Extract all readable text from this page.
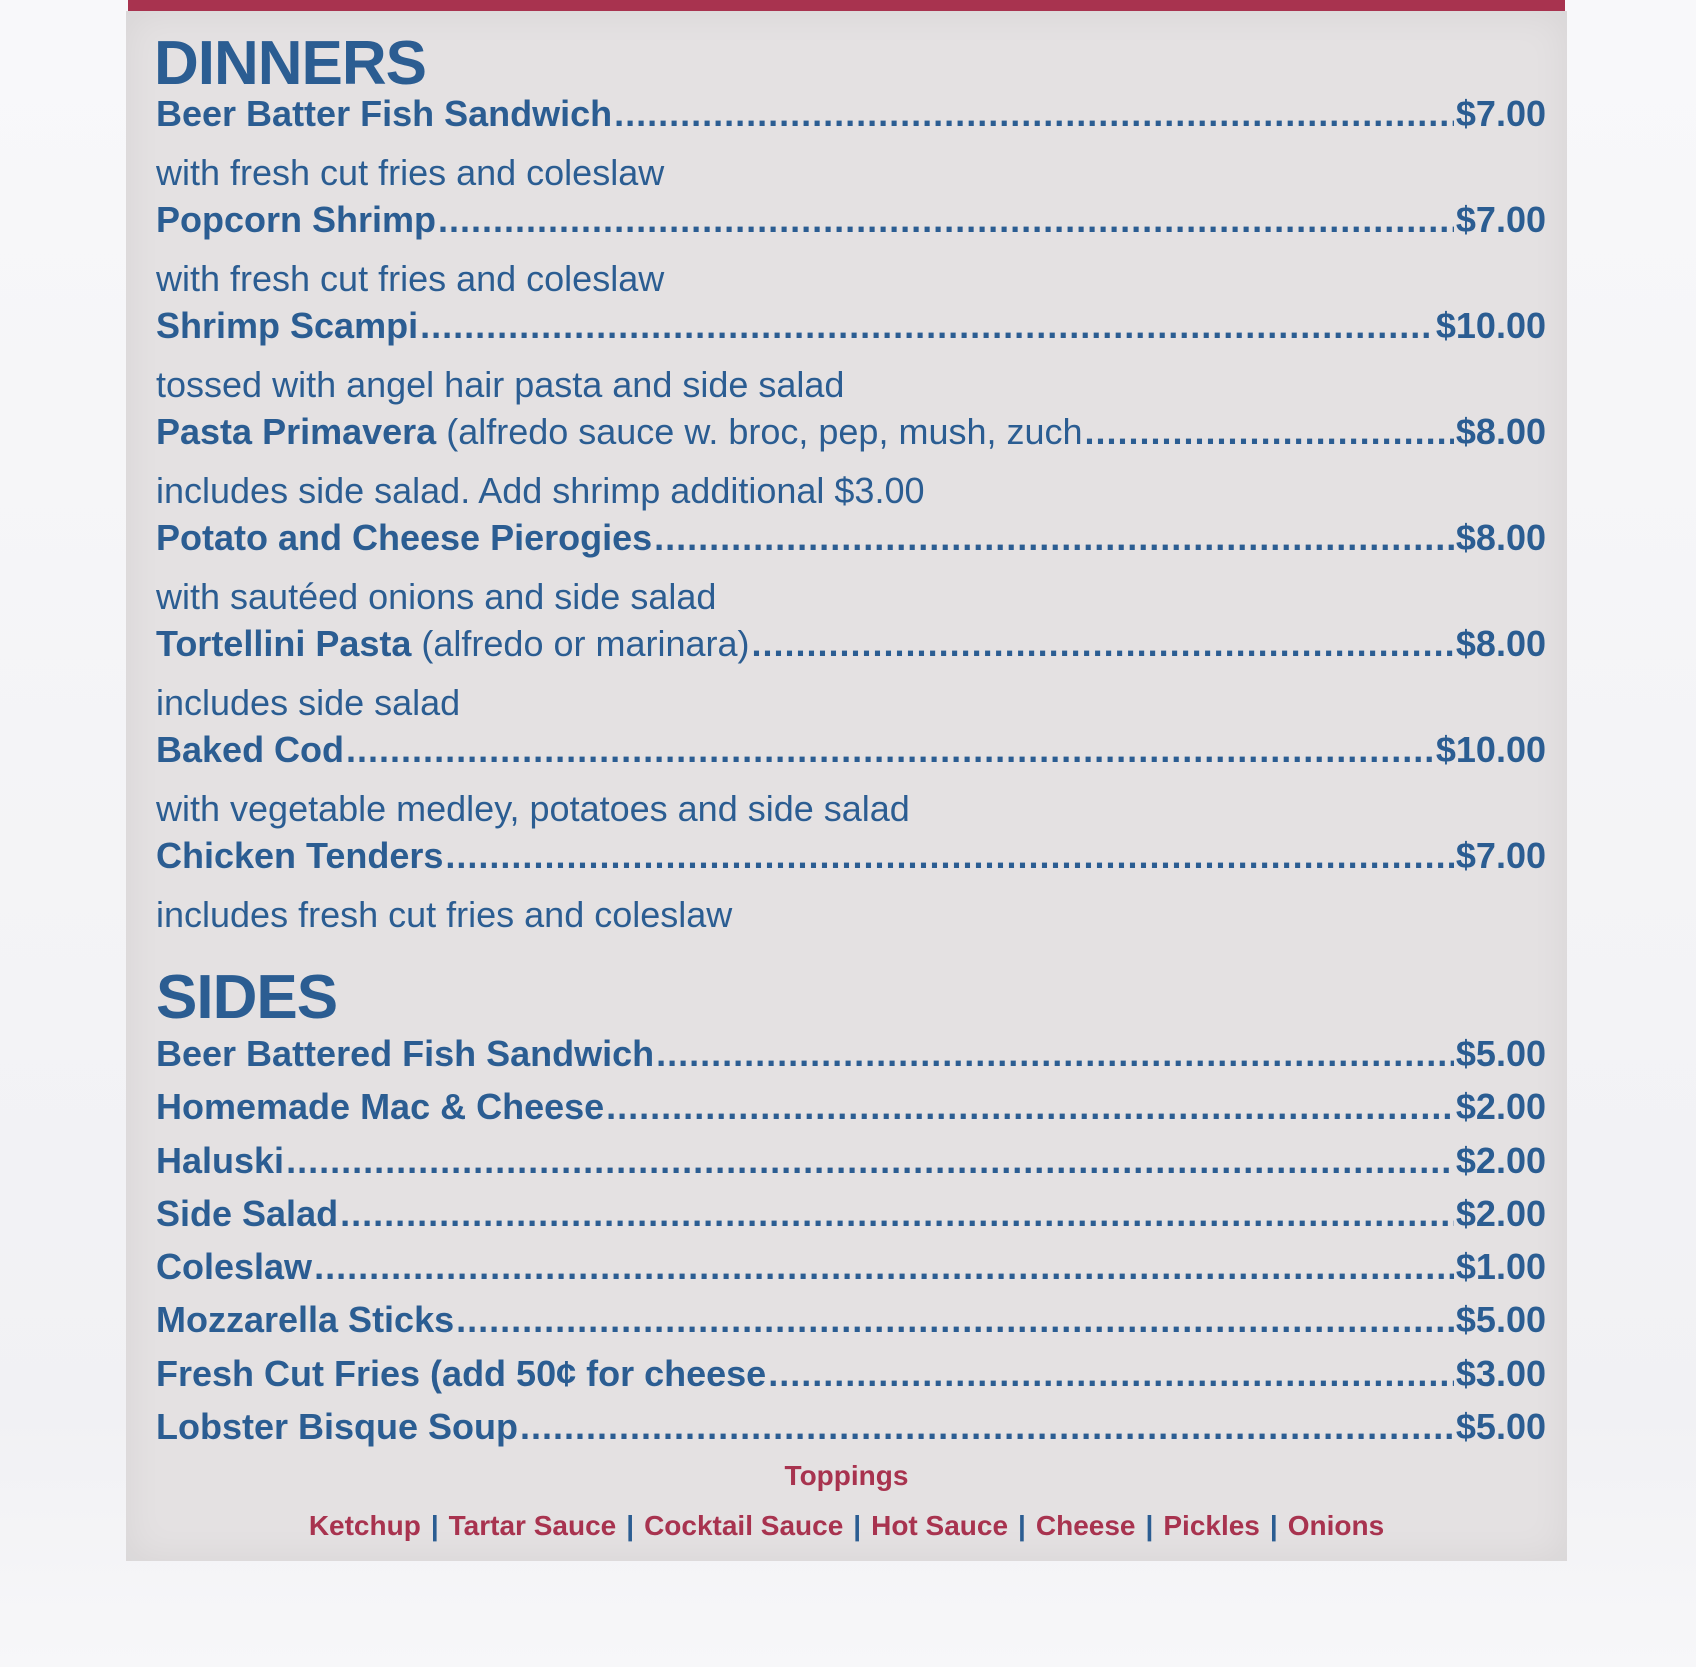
DINNERS
Beer Batter Fish Sandwich .....	$7.00
with fresh cut fries and coleslaw
Popcorn Shrimp .....	$7.00
with fresh cut fries and coleslaw
Shrimp Scampi .....	$10.00
tossed with angel hair pasta and side salad
Pasta Primavera (alfredo sauce w. broc, pep, mush, zuch .....	$8.00
includes side salad. Add shrimp additional $3.00
Potato and Cheese Pierogies .....	$8.00
with sautéed onions and side salad
Tortellini Pasta (alfredo or marinara) .....	$8.00
includes side salad
Baked Cod .....	$10.00
with vegetable medley, potatoes and side salad
Chicken Tenders .....	$7.00
includes fresh cut fries and coleslaw
SIDES
Beer Battered Fish Sandwich .....	$5.00
Homemade Mac & Cheese .....	$2.00
Haluski .....	$2.00
Side Salad .....	$2.00
Coleslaw .....	$1.00
Mozzarella Sticks .....	$5.00
Fresh Cut Fries (add 50¢ for cheese .....	$3.00
Lobster Bisque Soup .....	$5.00

Toppings

Ketchup | Tartar Sauce | Cocktail Sauce | Hot Sauce | Cheese | Pickles | Onions
